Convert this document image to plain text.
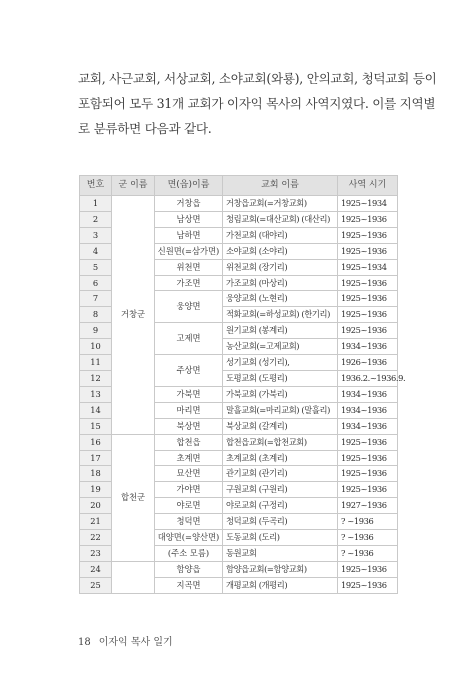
교회, 사근교회, 서상교회, 소야교회(와룡), 안의교회, 청덕교회 등이
포함되어 모두 31개 교회가 이자익 목사의 사역지였다. 이를 지역별
로 분류하면 다음과 같다.
번호	군 이름	면(읍)이름	교회 이름	사역 시기
1	거창군	거창읍	거창읍교회(=거창교회)	1925~1934
2		남상면	청림교회(=대산교회) (대산리)	1925~1936
3		남하면	가천교회 (대야리)	1925~1936
4		신원면(=삼가면)	소야교회 (소야리)	1925~1936
5		위천면	위천교회 (장기리)	1925~1934
6		가조면	가조교회 (마상리)	1925~1936
7		웅양면	웅양교회 (노현리)	1925~1936
8			적화교회(=하성교회) (한기리)	1925~1936
9		고제면	원기교회 (봉계리)	1925~1936
10			농산교회(=고제교회)	1934~1936
11		주상면	성기교회 (성기리),	1926~1936
12			도평교회 (도평리)	1936.2.~1936.9.
13		가북면	가북교회 (가북리)	1934~1936
14		마리면	말흘교회(=마리교회) (말흘리)	1934~1936
15		북상면	북상교회 (갈계리)	1934~1936
16	합천군	합천읍	합천읍교회(=합천교회)	1925~1936
17		초계면	초계교회 (초계리)	1925~1936
18		묘산면	관기교회 (관기리)	1925~1936
19		가야면	구원교회 (구원리)	1925~1936
20		야로면	야로교회 (구정리)	1927~1936
21		청덕면	청덕교회 (두곡리)	? ~1936
22		대양면(=양산면)	도동교회 (도리)	? ~1936
23		(주소 모름)	동원교회	? ~1936
24		함양읍	함양읍교회(=함양교회)	1925~1936
25		지곡면	개평교회 (개평리)	1925~1936
18 이자익 목사 일기
